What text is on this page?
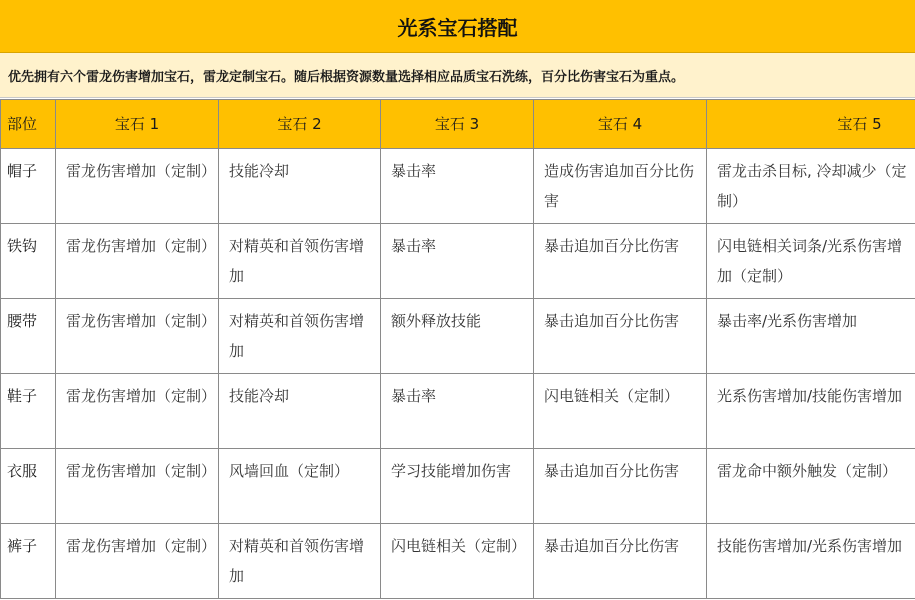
光系宝石搭配
优先拥有六个雷龙伤害增加宝石，雷龙定制宝石。随后根据资源数量选择相应品质宝石洗练，百分比伤害宝石为重点。
部位	宝石 1	宝石 2	宝石 3	宝石 4	宝石 5

帽子	雷龙伤害增加（定制）	技能冷却	暴击率	造成伤害追加百分比伤害	雷龙击杀目标, 冷却减少（定制）

铁钩	雷龙伤害增加（定制）	对精英和首领伤害增加	暴击率	暴击追加百分比伤害	闪电链相关词条/光系伤害增加（定制）

腰带	雷龙伤害增加（定制）	对精英和首领伤害增加	额外释放技能	暴击追加百分比伤害	暴击率/光系伤害增加

鞋子	雷龙伤害增加（定制）	技能冷却	暴击率	闪电链相关（定制）	光系伤害增加/技能伤害增加

衣服	雷龙伤害增加（定制）	风墙回血（定制）	学习技能增加伤害	暴击追加百分比伤害	雷龙命中额外触发（定制）

裤子	雷龙伤害增加（定制）	对精英和首领伤害增加	闪电链相关（定制）	暴击追加百分比伤害	技能伤害增加/光系伤害增加
